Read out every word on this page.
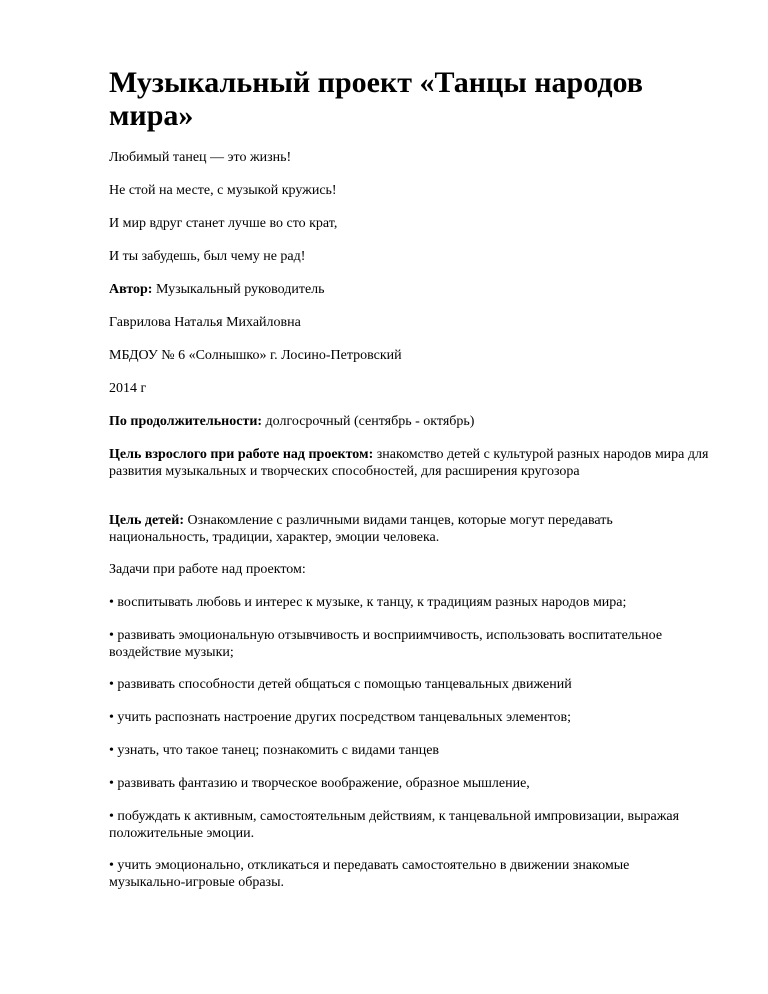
Музыкальный проект «Танцы народов мира»

Любимый танец — это жизнь!

Не стой на месте, с музыкой кружись!

И мир вдруг станет лучше во сто крат,

И ты забудешь, был чему не рад!

Автор: Музыкальный руководитель

Гаврилова Наталья Михайловна

МБДОУ № 6 «Солнышко» г. Лосино-Петровский

2014 г

По продолжительности: долгосрочный (сентябрь - октябрь)

Цель взрослого при работе над проектом: знакомство детей с культурой разных народов мира для развития музыкальных и творческих способностей, для расширения кругозора

Цель детей: Ознакомление с различными видами танцев, которые могут передавать национальность, традиции, характер, эмоции человека.

Задачи при работе над проектом:

• воспитывать любовь и интерес к музыке, к танцу, к традициям разных народов мира;

• развивать эмоциональную отзывчивость и восприимчивость, использовать воспитательное воздействие музыки;

• развивать способности детей общаться с помощью танцевальных движений

• учить распознать настроение других посредством танцевальных элементов;

• узнать, что такое танец; познакомить с видами танцев

• развивать фантазию и творческое воображение, образное мышление,

• побуждать к активным, самостоятельным действиям, к танцевальной импровизации, выражая положительные эмоции.

• учить эмоционально, откликаться и передавать самостоятельно в движении знакомые музыкально-игровые образы.
